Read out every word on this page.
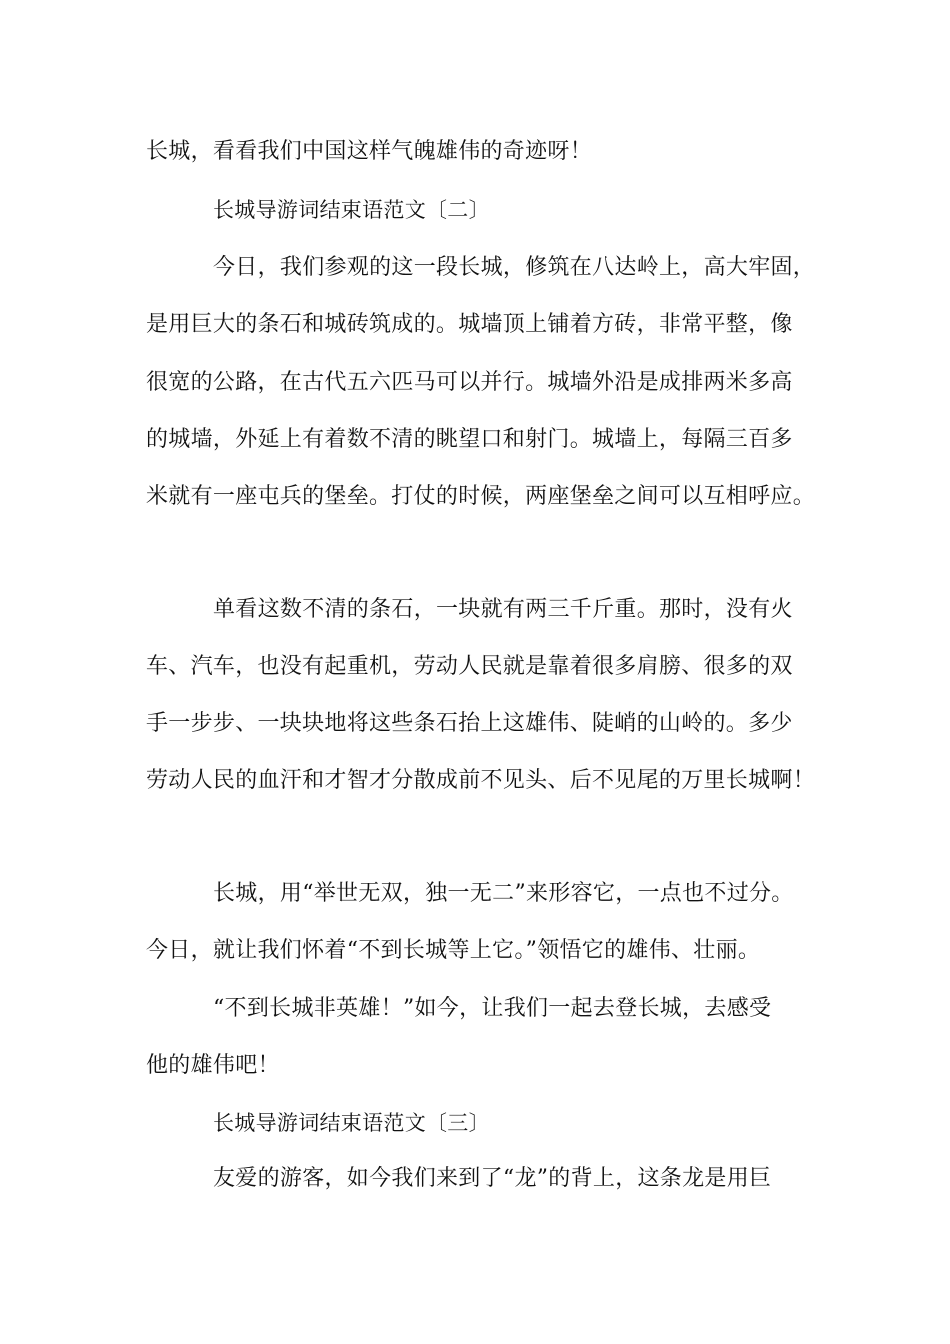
长城，看看我们中国这样气魄雄伟的奇迹呀！
长城导游词结束语范文〔二〕
今日，我们参观的这一段长城，修筑在八达岭上，高大牢固，
是用巨大的条石和城砖筑成的。城墙顶上铺着方砖，非常平整，像
很宽的公路，在古代五六匹马可以并行。城墙外沿是成排两米多高
的城墙，外延上有着数不清的眺望口和射门。城墙上，每隔三百多
米就有一座屯兵的堡垒。打仗的时候，两座堡垒之间可以互相呼应。
单看这数不清的条石，一块就有两三千斤重。那时，没有火
车、汽车，也没有起重机，劳动人民就是靠着很多肩膀、很多的双
手一步步、一块块地将这些条石抬上这雄伟、陡峭的山岭的。多少
劳动人民的血汗和才智才分散成前不见头、后不见尾的万里长城啊！
长城，用“举世无双，独一无二”来形容它，一点也不过分。
今日，就让我们怀着“不到长城等上它。”领悟它的雄伟、壮丽。
“不到长城非英雄！”如今，让我们一起去登长城，去感受
他的雄伟吧！
长城导游词结束语范文〔三〕
友爱的游客，如今我们来到了“龙”的背上，这条龙是用巨
